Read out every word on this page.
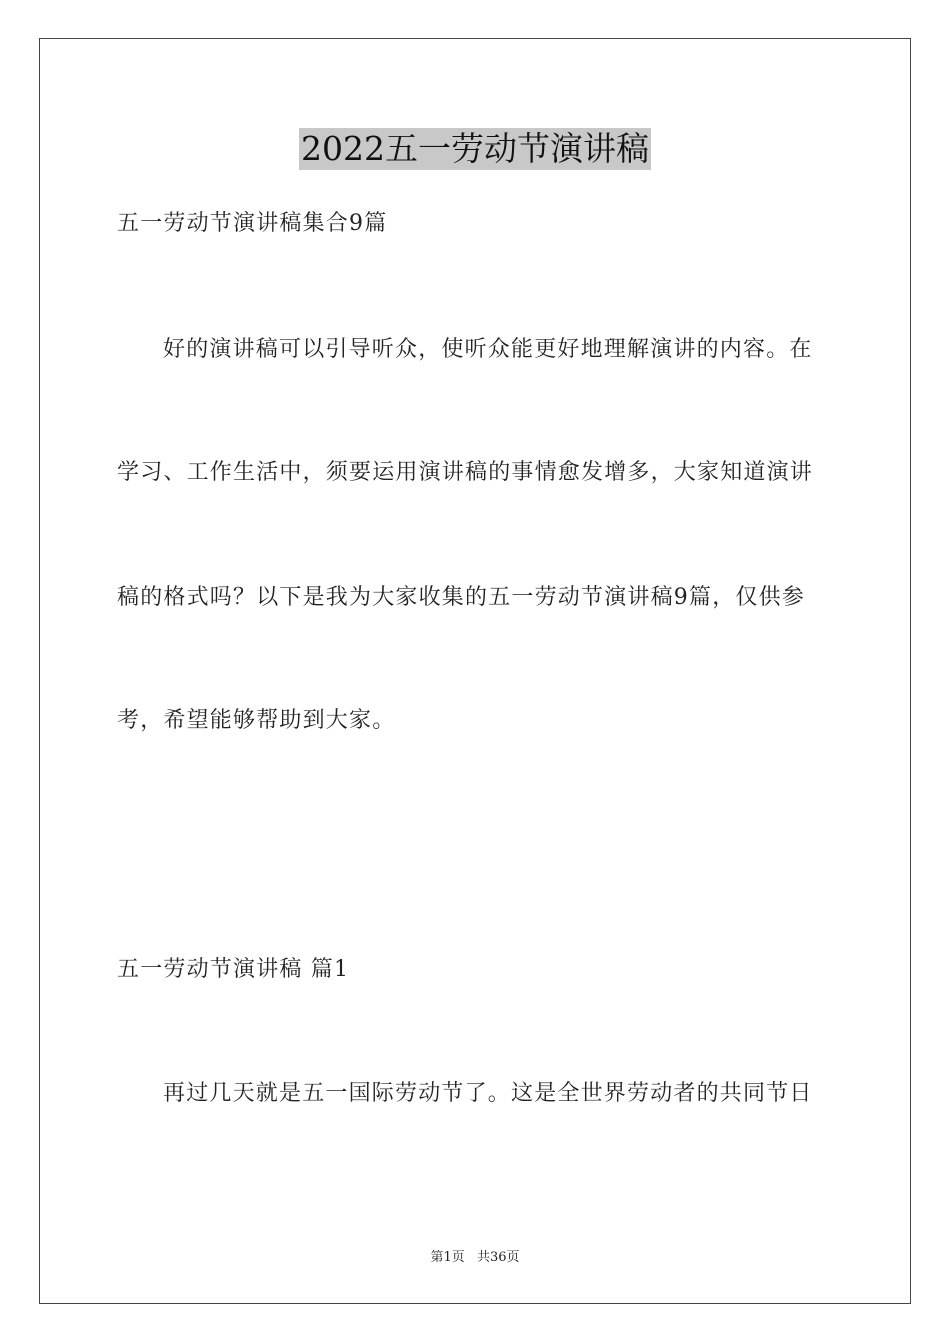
2022五一劳动节演讲稿
五一劳动节演讲稿集合9篇
好的演讲稿可以引导听众，使听众能更好地理解演讲的内容。在
学习、工作生活中，须要运用演讲稿的事情愈发增多，大家知道演讲
稿的格式吗？以下是我为大家收集的五一劳动节演讲稿9篇，仅供参
考，希望能够帮助到大家。
五一劳动节演讲稿 篇1
再过几天就是五一国际劳动节了。这是全世界劳动者的共同节日
第1页 共36页
